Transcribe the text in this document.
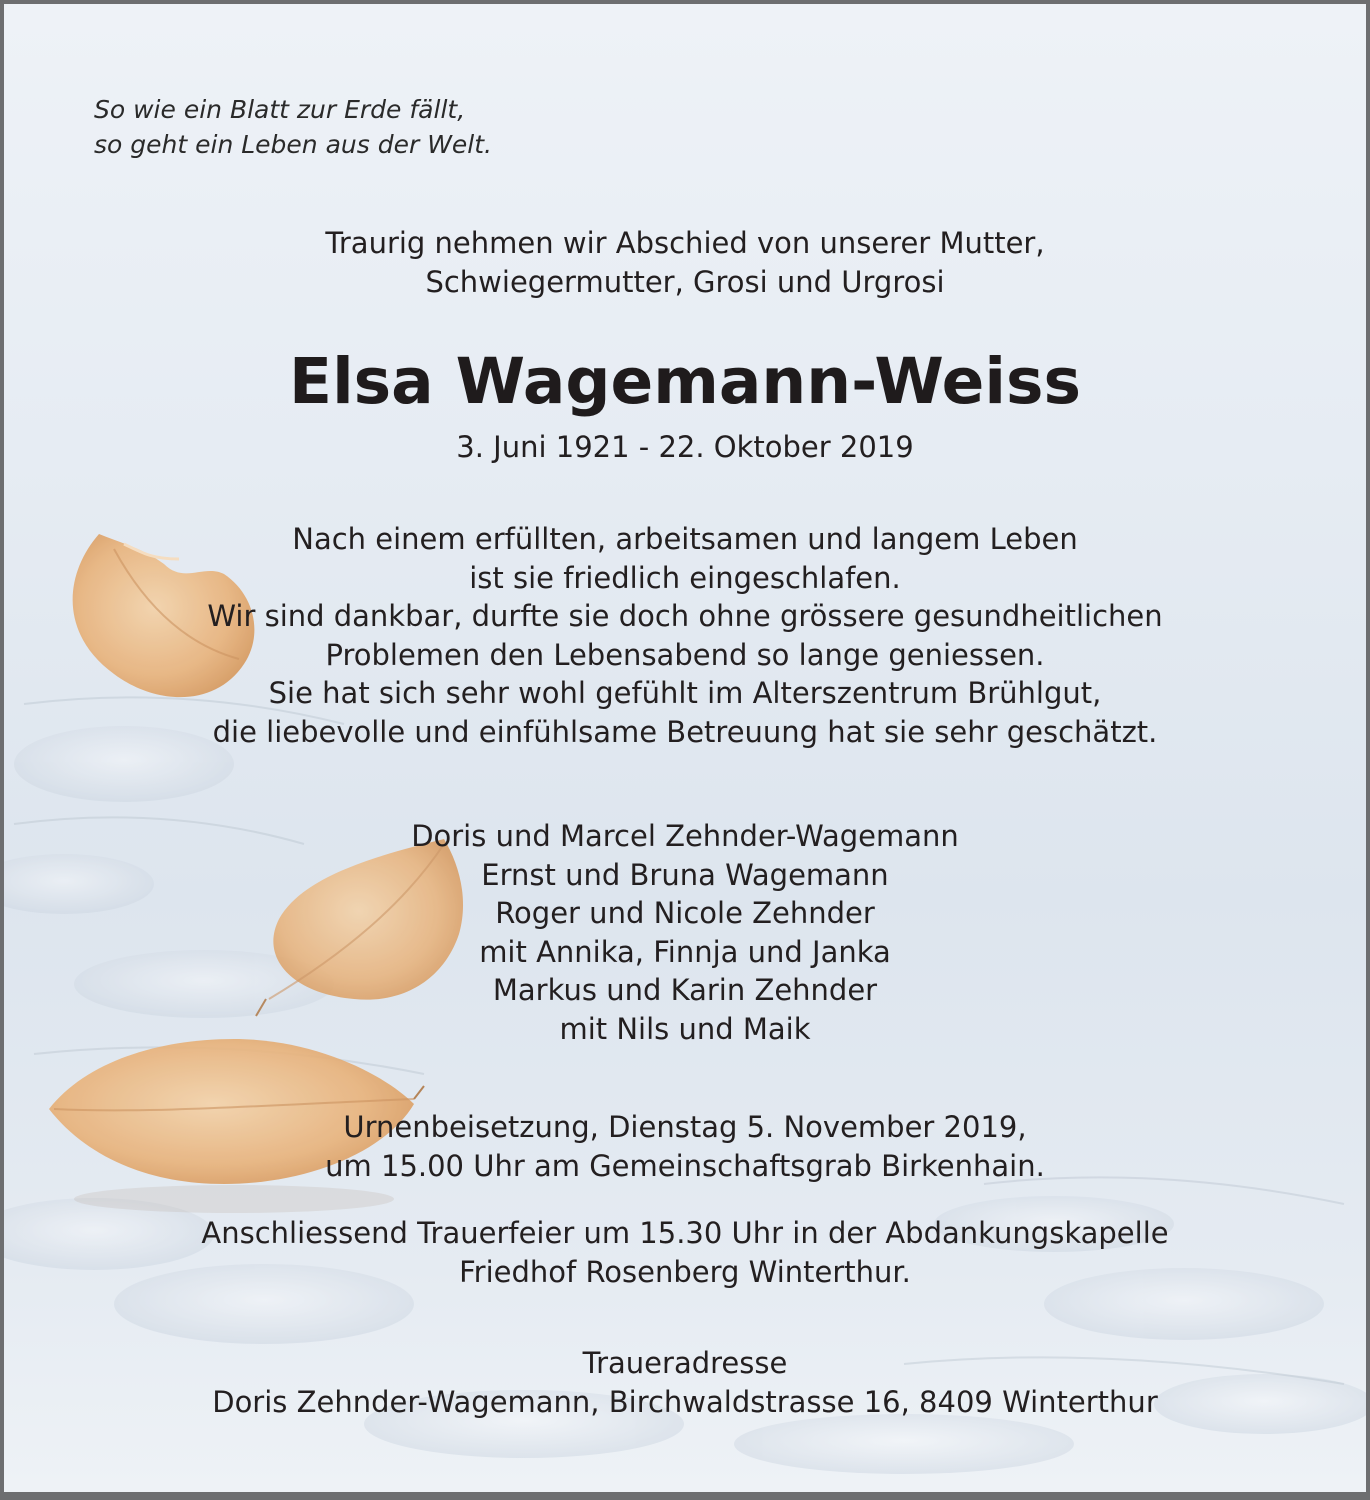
So wie ein Blatt zur Erde fällt,
so geht ein Leben aus der Welt.
Traurig nehmen wir Abschied von unserer Mutter,
Schwiegermutter, Grosi und Urgrosi
Elsa Wagemann-Weiss
3. Juni 1921 - 22. Oktober 2019
Nach einem erfüllten, arbeitsamen und langem Leben
ist sie friedlich eingeschlafen.
Wir sind dankbar, durfte sie doch ohne grössere gesundheitlichen
Problemen den Lebensabend so lange geniessen.
Sie hat sich sehr wohl gefühlt im Alterszentrum Brühlgut,
die liebevolle und einfühlsame Betreuung hat sie sehr geschätzt.
Doris und Marcel Zehnder-Wagemann
Ernst und Bruna Wagemann
Roger und Nicole Zehnder
mit Annika, Finnja und Janka
Markus und Karin Zehnder
mit Nils und Maik
Urnenbeisetzung, Dienstag 5. November 2019,
um 15.00 Uhr am Gemeinschaftsgrab Birkenhain.
Anschliessend Trauerfeier um 15.30 Uhr in der Abdankungskapelle
Friedhof Rosenberg Winterthur.
Traueradresse
Doris Zehnder-Wagemann, Birchwaldstrasse 16, 8409 Winterthur
